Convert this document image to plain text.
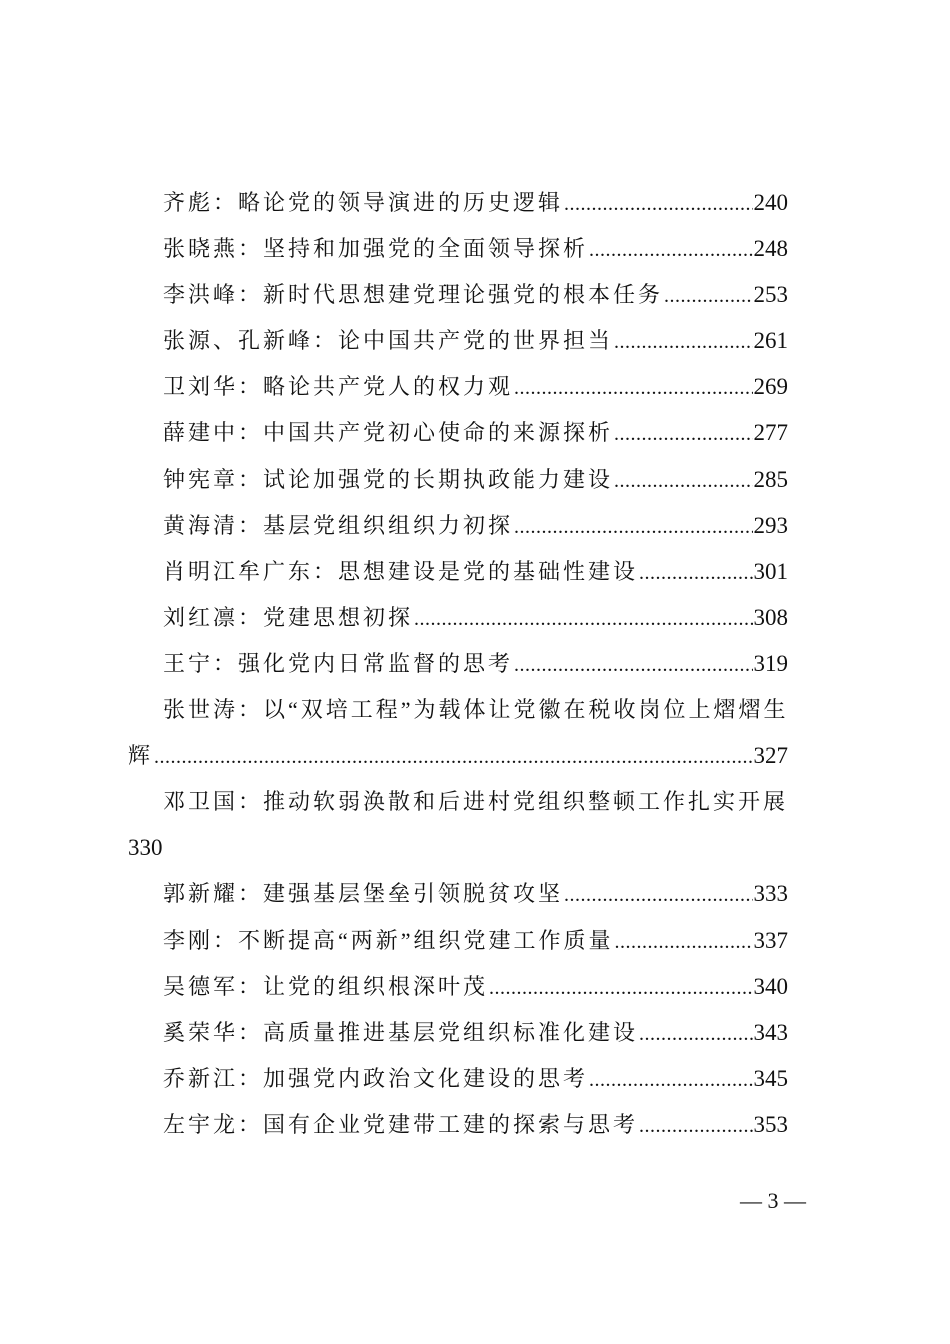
齐彪：略论党的领导演进的历史逻辑 .....	240
张晓燕：坚持和加强党的全面领导探析 .....	248
李洪峰：新时代思想建党理论强党的根本任务 .....	253
张源、孔新峰：论中国共产党的世界担当 .....	261
卫刘华：略论共产党人的权力观 .....	269
薛建中：中国共产党初心使命的来源探析 .....	277
钟宪章：试论加强党的长期执政能力建设 .....	285
黄海清：基层党组织组织力初探 .....	293
肖明江牟广东：思想建设是党的基础性建设 .....	301
刘红凛：党建思想初探 .....	308
王宁：强化党内日常监督的思考 .....	319
张世涛：以“双培工程”为载体让党徽在税收岗位上熠熠生
辉 .....	327
邓卫国：推动软弱涣散和后进村党组织整顿工作扎实开展
330
郭新耀：建强基层堡垒引领脱贫攻坚 .....	333
李刚：不断提高“两新”组织党建工作质量 .....	337
吴德军：让党的组织根深叶茂 .....	340
奚荣华：高质量推进基层党组织标准化建设 .....	343
乔新江：加强党内政治文化建设的思考 .....	345
左宇龙：国有企业党建带工建的探索与思考 .....	353
— 3 —
